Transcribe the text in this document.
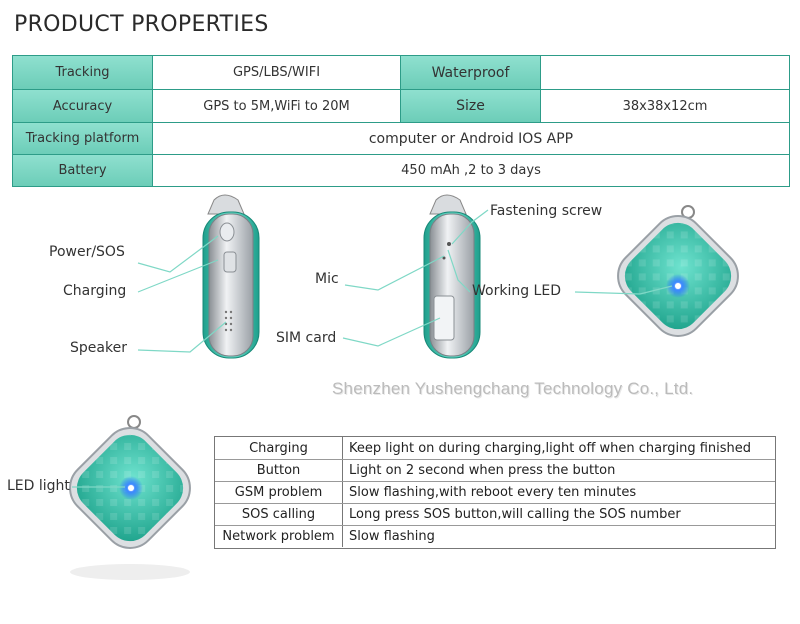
PRODUCT PROPERTIES
Tracking	GPS/LBS/WIFI	Waterproof
Accuracy	GPS to 5M,WiFi to 20M	Size	38x38x12cm
Tracking platform	computer or Android IOS APP
Battery	450 mAh ,2 to 3 days
Power/SOS
Charging
Speaker
Mic
SIM card
Fastening screw
Working LED
LED light
Shenzhen Yushengchang Technology Co., Ltd.
Charging	Keep light on during charging,light off when charging finished
Button	Light on 2 second when press the button
GSM problem	Slow flashing,with reboot every ten minutes
SOS calling	Long press SOS button,will calling the SOS number
Network problem	Slow flashing
